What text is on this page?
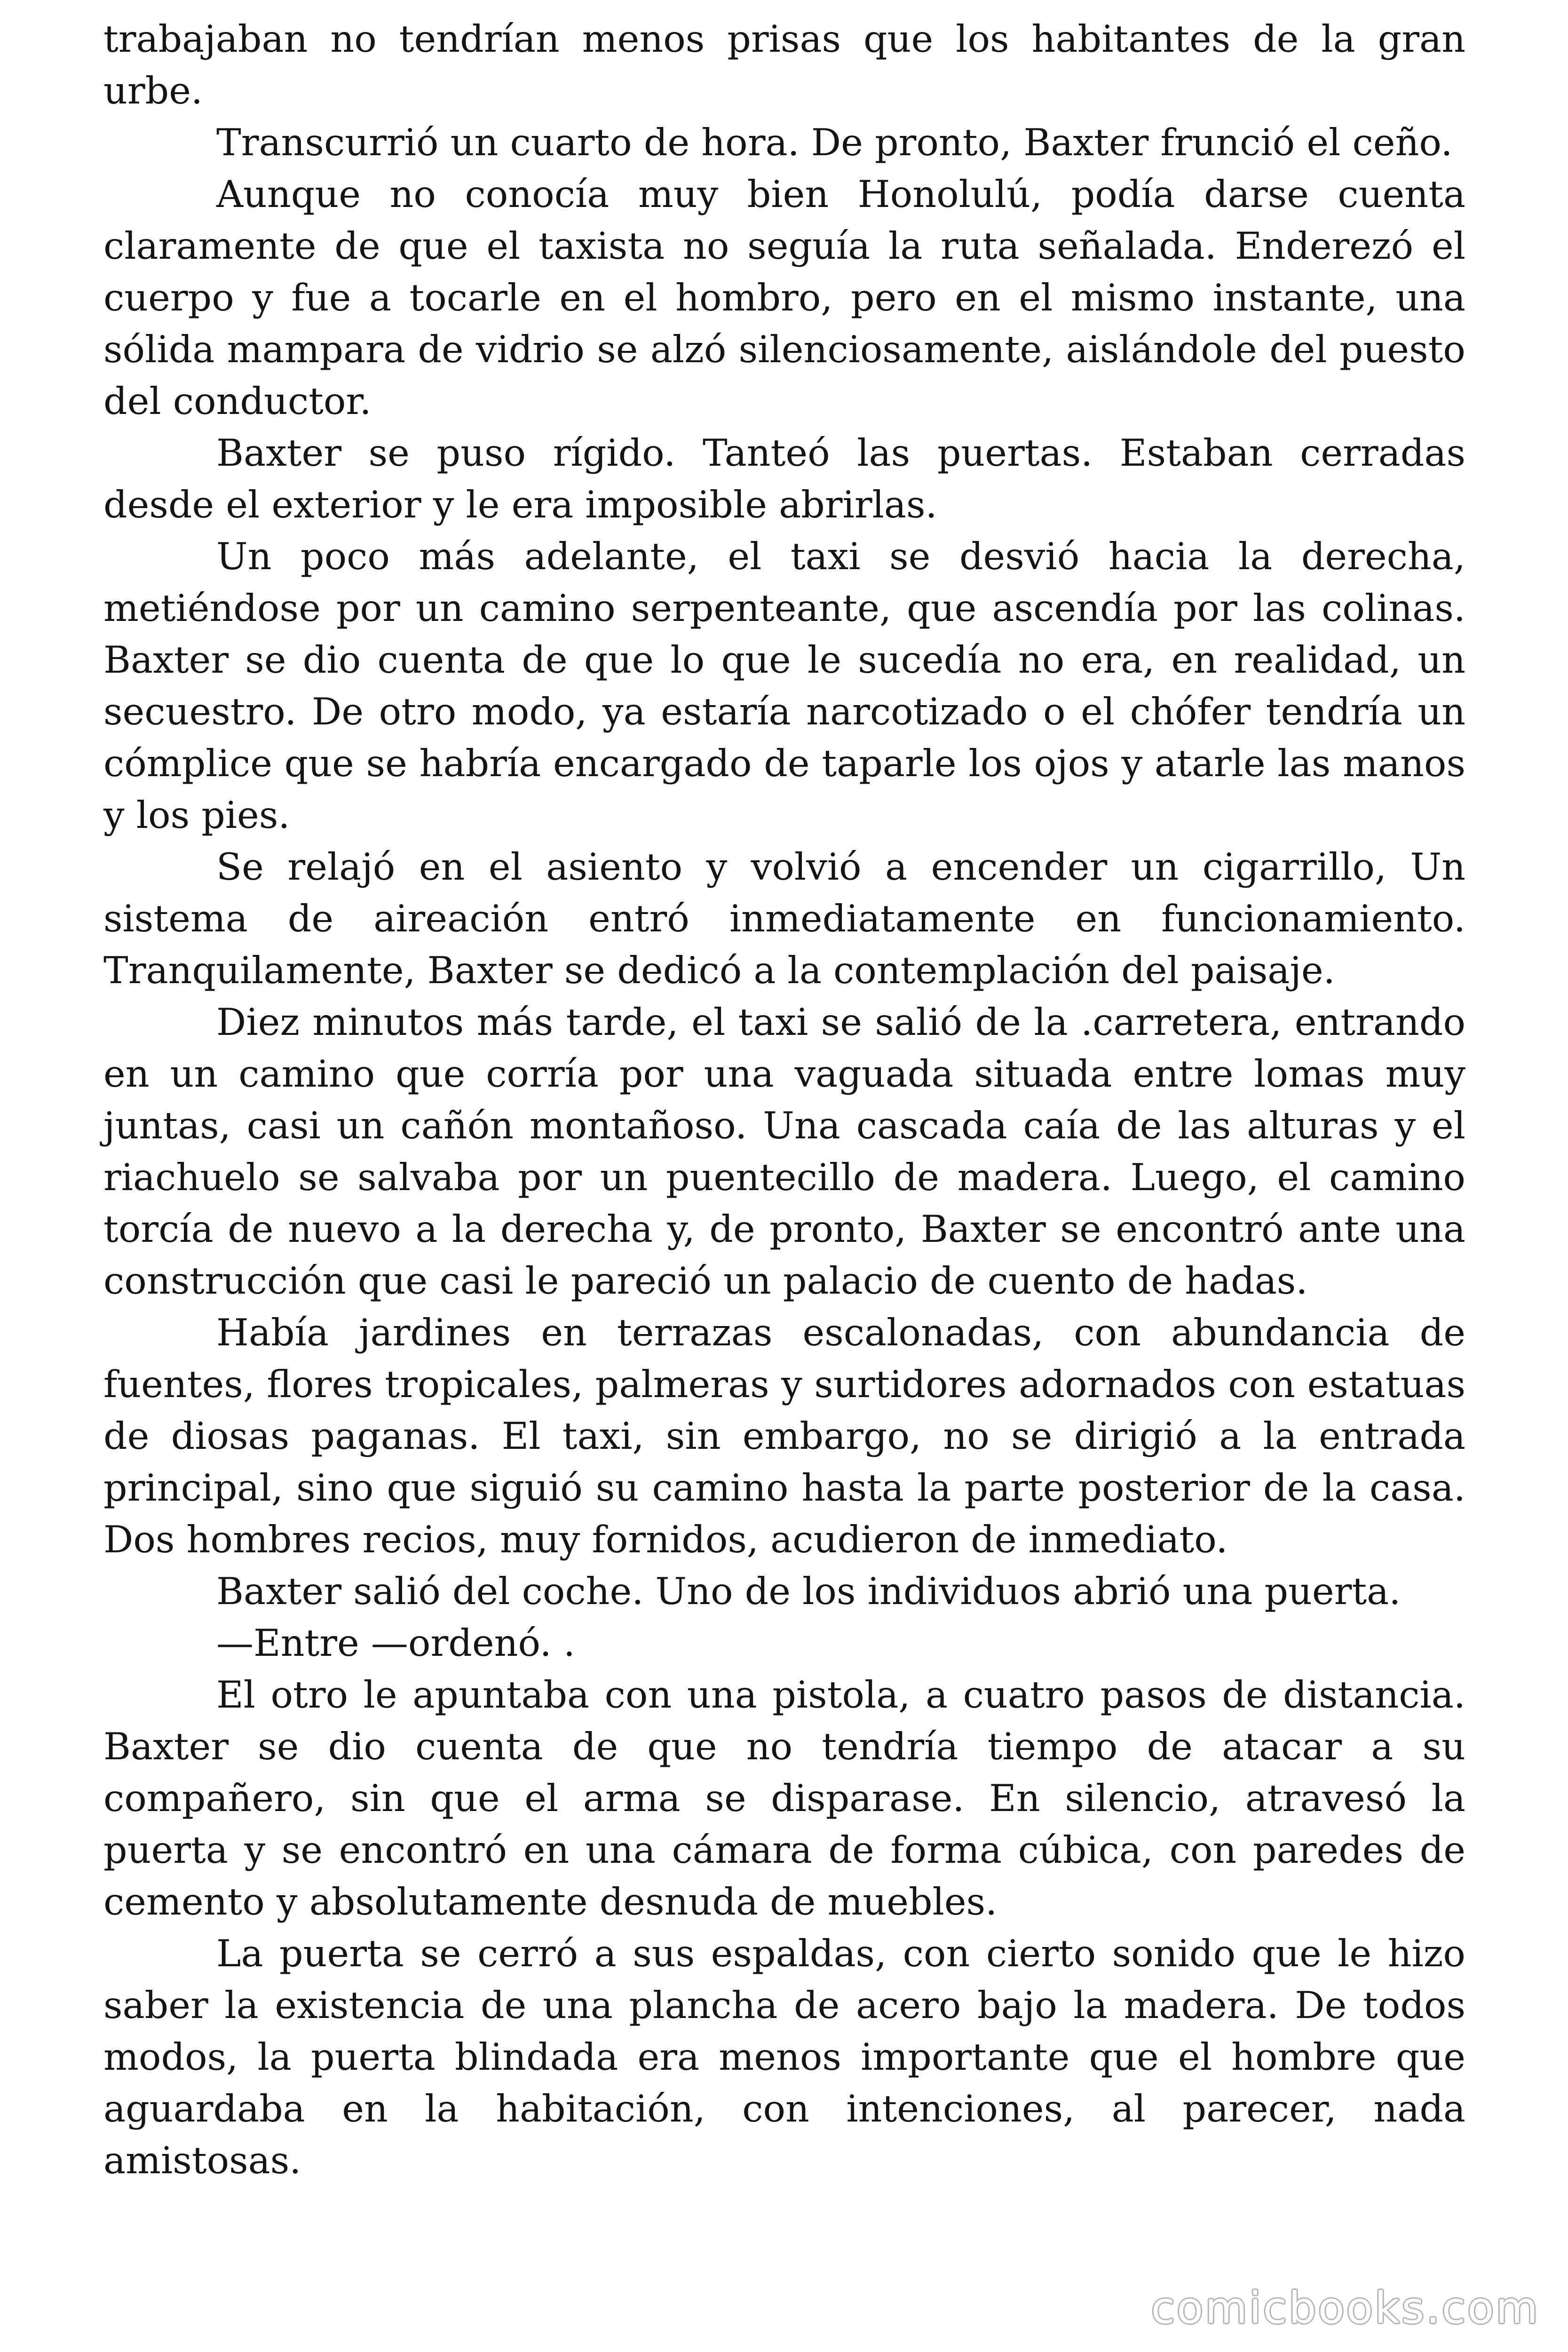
trabajaban no tendrían menos prisas que los habitantes de la gran urbe.

Transcurrió un cuarto de hora. De pronto, Baxter frunció el ceño.

Aunque no conocía muy bien Honolulú, podía darse cuenta claramente de que el taxista no seguía la ruta señalada. Enderezó el cuerpo y fue a tocarle en el hombro, pero en el mismo instante, una sólida mampara de vidrio se alzó silenciosamente, aislándole del puesto del conductor.

Baxter se puso rígido. Tanteó las puertas. Estaban cerradas desde el exterior y le era imposible abrirlas.

Un poco más adelante, el taxi se desvió hacia la derecha, metiéndose por un camino serpenteante, que ascendía por las colinas. Baxter se dio cuenta de que lo que le sucedía no era, en realidad, un secuestro. De otro modo, ya estaría narcotizado o el chófer tendría un cómplice que se habría encargado de taparle los ojos y atarle las manos y los pies.

Se relajó en el asiento y volvió a encender un cigarrillo, Un sistema de aireación entró inmediatamente en funcionamiento. Tranquilamente, Baxter se dedicó a la contemplación del paisaje.

Diez minutos más tarde, el taxi se salió de la .carretera, entrando en un camino que corría por una vaguada situada entre lomas muy juntas, casi un cañón montañoso. Una cascada caía de las alturas y el riachuelo se salvaba por un puentecillo de madera. Luego, el camino torcía de nuevo a la derecha y, de pronto, Baxter se encontró ante una construcción que casi le pareció un palacio de cuento de hadas.

Había jardines en terrazas escalonadas, con abundancia de fuentes, flores tropicales, palmeras y surtidores adornados con estatuas de diosas paganas. El taxi, sin embargo, no se dirigió a la entrada principal, sino que siguió su camino hasta la parte posterior de la casa. Dos hombres recios, muy fornidos, acudieron de inmediato.

Baxter salió del coche. Uno de los individuos abrió una puerta.

—Entre —ordenó. .

El otro le apuntaba con una pistola, a cuatro pasos de distancia. Baxter se dio cuenta de que no tendría tiempo de atacar a su compañero, sin que el arma se disparase. En silencio, atravesó la puerta y se encontró en una cámara de forma cúbica, con paredes de cemento y absolutamente desnuda de muebles.

La puerta se cerró a sus espaldas, con cierto sonido que le hizo saber la existencia de una plancha de acero bajo la madera. De todos modos, la puerta blindada era menos importante que el hombre que aguardaba en la habitación, con intenciones, al parecer, nada amistosas.

comicbooks.com
